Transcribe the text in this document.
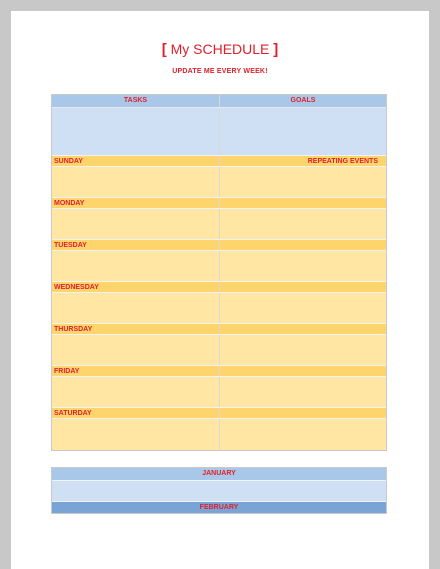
[ My SCHEDULE ]
UPDATE ME EVERY WEEK!
TASKS	GOALS
SUNDAY	REPEATING EVENTS
MONDAY
TUESDAY
WEDNESDAY
THURSDAY
FRIDAY
SATURDAY
JANUARY
FEBRUARY
